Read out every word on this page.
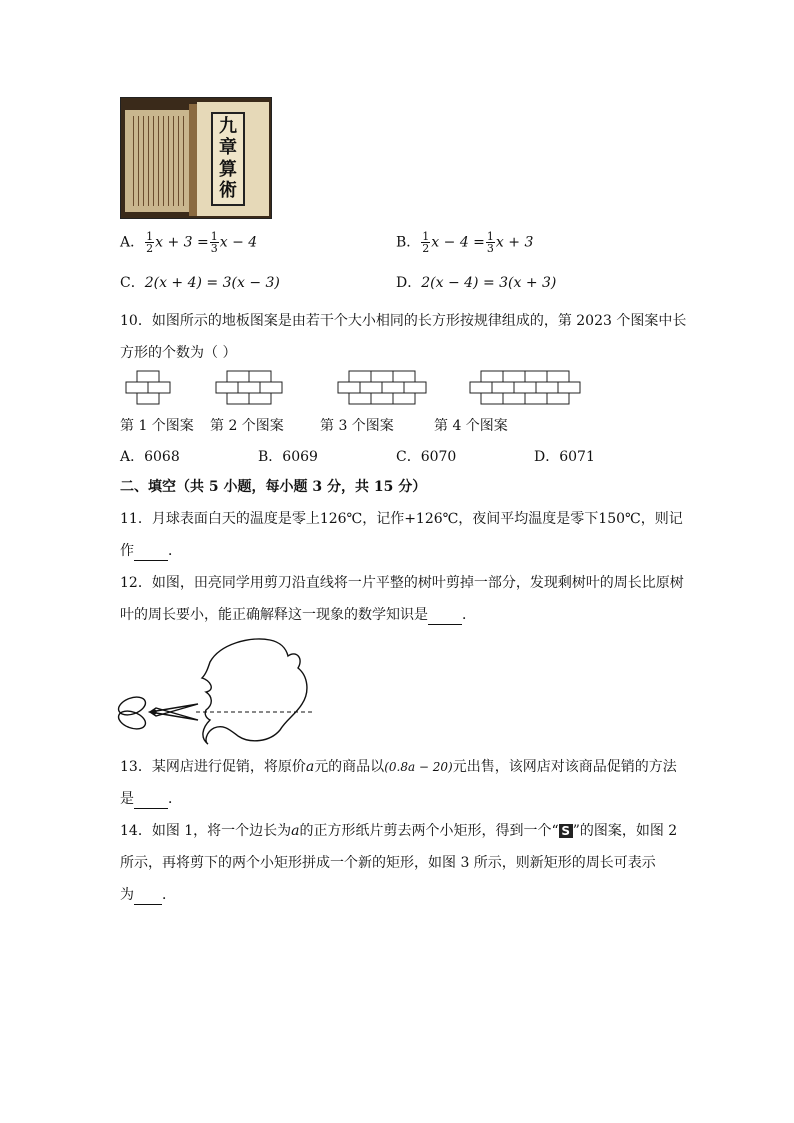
九
章
算
術
A． $\frac{1}{2}$ $x + 3 = \frac{1}{3}$ x − 4	B． $\frac{1}{2}$ $x - 4 = \frac{1}{3}$ x + 3
C．2(x + 4) = 3(x − 3)	D．2(x − 4) = 3(x + 3)
10．如图所示的地板图案是由若干个大小相同的长方形按规律组成的，第 2023 个图案中长
方形的个数为（ ）
第 1 个图案 第 2 个图案	第 3 个图案	第 4 个图案
A．6068	B．6069	C．6070	D．6071
二、填空（共 5 小题，每小题 3 分，共 15 分）
11．月球表面白天的温度是零上126℃，记作+126℃，夜间平均温度是零下150℃，则记
作 ．
12．如图，田亮同学用剪刀沿直线将一片平整的树叶剪掉一部分，发现剩树叶的周长比原树
叶的周长要小，能正确解释这一现象的数学知识是 ．
13．某网店进行促销，将原价a元的商品以(0.8a − 20)元出售，该网店对该商品促销的方法
是 ．
14．如图 1，将一个边长为a的正方形纸片剪去两个小矩形，得到一个“ S ”的图案，如图 2
所示，再将剪下的两个小矩形拼成一个新的矩形，如图 3 所示，则新矩形的周长可表示
为 ．
